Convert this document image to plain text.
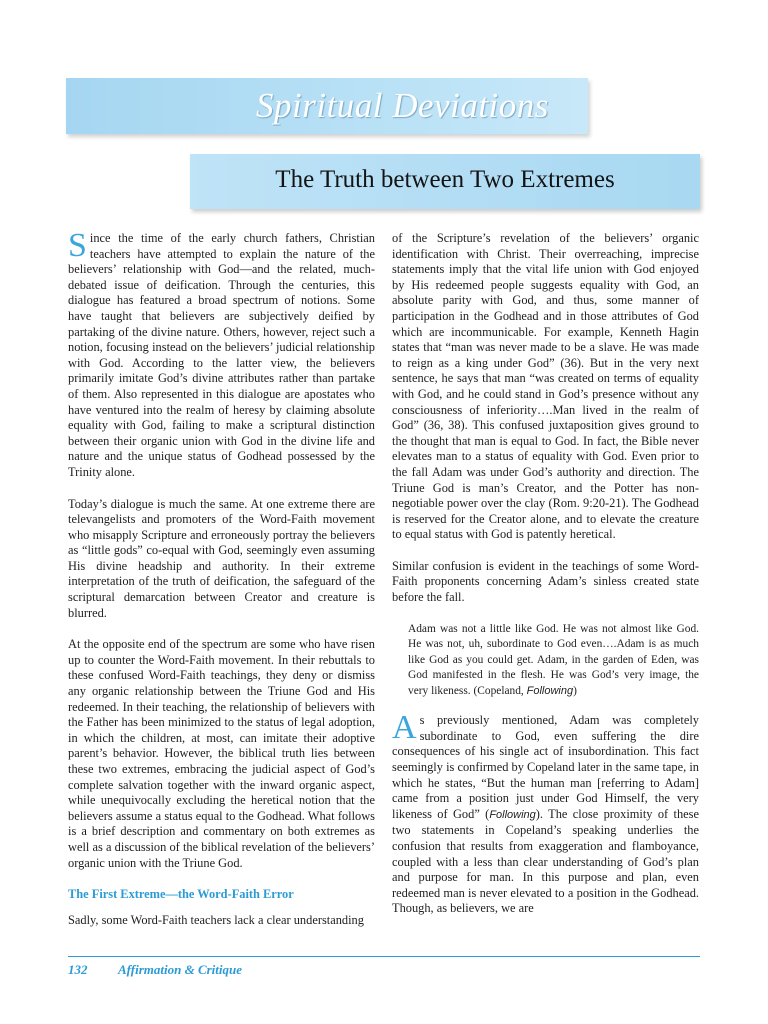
Spiritual Deviations
The Truth between Two Extremes

Since the time of the early church fathers, Christian teachers have attempted to explain the nature of the believers’ relationship with God—and the related, much-debated issue of deification. Through the centuries, this dialogue has featured a broad spectrum of notions. Some have taught that believers are subjectively deified by partaking of the divine nature. Others, however, reject such a notion, focusing instead on the believers’ judicial relationship with God. According to the latter view, the believers primarily imitate God’s divine attributes rather than partake of them. Also represented in this dialogue are apostates who have ventured into the realm of heresy by claiming absolute equality with God, failing to make a scriptural distinction between their organic union with God in the divine life and nature and the unique status of Godhead possessed by the Trinity alone.

Today’s dialogue is much the same. At one extreme there are televangelists and promoters of the Word-Faith movement who misapply Scripture and erroneously portray the believers as “little gods” co-equal with God, seemingly even assuming His divine headship and authority. In their extreme interpretation of the truth of deification, the safeguard of the scriptural demarcation between Creator and creature is blurred.

At the opposite end of the spectrum are some who have risen up to counter the Word-Faith movement. In their rebuttals to these confused Word-Faith teachings, they deny or dismiss any organic relationship between the Triune God and His redeemed. In their teaching, the relationship of believers with the Father has been minimized to the status of legal adoption, in which the children, at most, can imitate their adoptive parent’s behavior. However, the biblical truth lies between these two extremes, embracing the judicial aspect of God’s complete salvation together with the inward organic aspect, while unequivocally excluding the heretical notion that the believers assume a status equal to the Godhead. What follows is a brief description and commentary on both extremes as well as a discussion of the biblical revelation of the believers’ organic union with the Triune God.

The First Extreme—the Word-Faith Error

Sadly, some Word-Faith teachers lack a clear understanding

of the Scripture’s revelation of the believers’ organic identification with Christ. Their overreaching, imprecise statements imply that the vital life union with God enjoyed by His redeemed people suggests equality with God, an absolute parity with God, and thus, some manner of participation in the Godhead and in those attributes of God which are incommunicable. For example, Kenneth Hagin states that “man was never made to be a slave. He was made to reign as a king under God” (36). But in the very next sentence, he says that man “was created on terms of equality with God, and he could stand in God’s presence without any consciousness of inferiority….Man lived in the realm of God” (36, 38). This confused juxtaposition gives ground to the thought that man is equal to God. In fact, the Bible never elevates man to a status of equality with God. Even prior to the fall Adam was under God’s authority and direction. The Triune God is man’s Creator, and the Potter has non-negotiable power over the clay (Rom. 9:20-21). The Godhead is reserved for the Creator alone, and to elevate the creature to equal status with God is patently heretical.

Similar confusion is evident in the teachings of some Word-Faith proponents concerning Adam’s sinless created state before the fall.

Adam was not a little like God. He was not almost like God. He was not, uh, subordinate to God even….Adam is as much like God as you could get. Adam, in the garden of Eden, was God manifested in the flesh. He was God’s very image, the very likeness. (Copeland, Following)

As previously mentioned, Adam was completely subordinate to God, even suffering the dire consequences of his single act of insubordination. This fact seemingly is confirmed by Copeland later in the same tape, in which he states, “But the human man [referring to Adam] came from a position just under God Himself, the very likeness of God” (Following). The close proximity of these two statements in Copeland’s speaking underlies the confusion that results from exaggeration and flamboyance, coupled with a less than clear understanding of God’s plan and purpose for man. In this purpose and plan, even redeemed man is never elevated to a position in the Godhead. Though, as believers, we are

132 Affirmation & Critique
